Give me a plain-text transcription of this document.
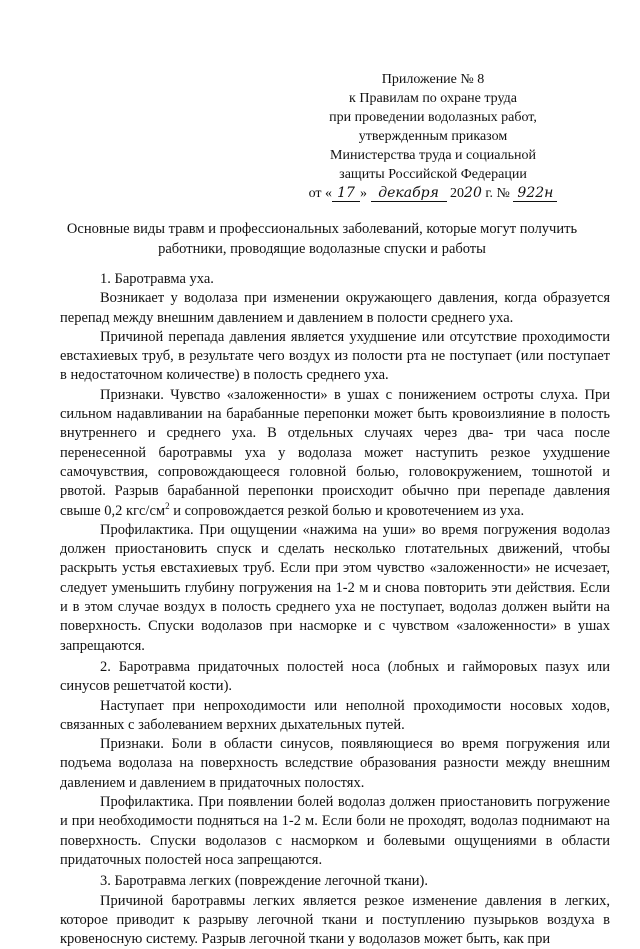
Приложение № 8
к Правилам по охране труда
при проведении водолазных работ,
утвержденным приказом
Министерства труда и социальной
защиты Российской Федерации
от « 17 » декабря 2020 г. № 922н
Основные виды травм и профессиональных заболеваний, которые могут получить
работники, проводящие водолазные спуски и работы

1. Баротравма уха.

Возникает у водолаза при изменении окружающего давления, когда образуется перепад между внешним давлением и давлением в полости среднего уха.

Причиной перепада давления является ухудшение или отсутствие проходимости евстахиевых труб, в результате чего воздух из полости рта не поступает (или поступает в недостаточном количестве) в полость среднего уха.

Признаки. Чувство «заложенности» в ушах с понижением остроты слуха. При сильном надавливании на барабанные перепонки может быть кровоизлияние в полость внутреннего и среднего уха. В отдельных случаях через два- три часа после перенесенной баротравмы уха у водолаза может наступить резкое ухудшение самочувствия, сопровождающееся головной болью, головокружением, тошнотой и рвотой. Разрыв барабанной перепонки происходит обычно при перепаде давления свыше 0,2 кгс/$см^2$ и сопровождается резкой болью и кровотечением из уха.

Профилактика. При ощущении «нажима на уши» во время погружения водолаз должен приостановить спуск и сделать несколько глотательных движений, чтобы раскрыть устья евстахиевых труб. Если при этом чувство «заложенности» не исчезает, следует уменьшить глубину погружения на 1-2 м и снова повторить эти действия. Если и в этом случае воздух в полость среднего уха не поступает, водолаз должен выйти на поверхность. Спуски водолазов при насморке и с чувством «заложенности» в ушах запрещаются.

2. Баротравма придаточных полостей носа (лобных и гайморовых пазух или синусов решетчатой кости).

Наступает при непроходимости или неполной проходимости носовых ходов, связанных с заболеванием верхних дыхательных путей.

Признаки. Боли в области синусов, появляющиеся во время погружения или подъема водолаза на поверхность вследствие образования разности между внешним давлением и давлением в придаточных полостях.

Профилактика. При появлении болей водолаз должен приостановить погружение и при необходимости подняться на 1-2 м. Если боли не проходят, водолаз поднимают на поверхность. Спуски водолазов с насморком и болевыми ощущениями в области придаточных полостей носа запрещаются.

3. Баротравма легких (повреждение легочной ткани).

Причиной баротравмы легких является резкое изменение давления в легких, которое приводит к разрыву легочной ткани и поступлению пузырьков воздуха в кровеносную систему. Разрыв легочной ткани у водолазов может быть, как при
